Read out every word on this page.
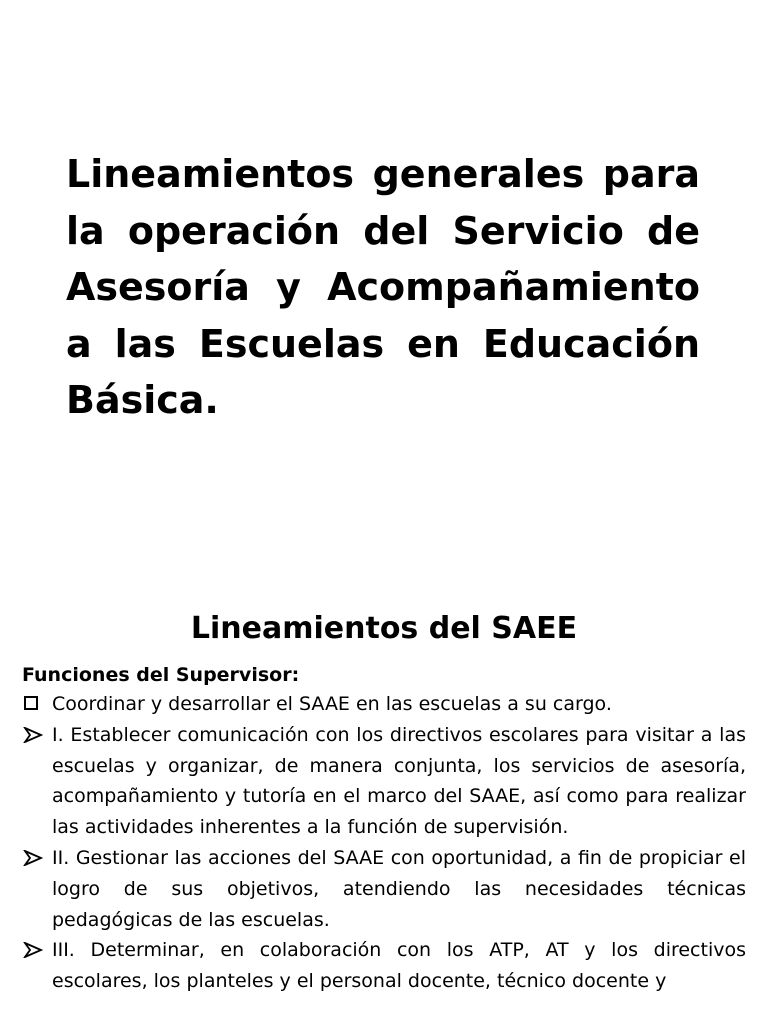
Lineamientos generales para la operación del Servicio de Asesoría y Acompañamiento a las Escuelas en Educación Básica.
Lineamientos del SAEE

Funciones del Supervisor:

Coordinar y desarrollar el SAAE en las escuelas a su cargo.
I. Establecer comunicación con los directivos escolares para visitar a las escuelas y organizar, de manera conjunta, los servicios de asesoría, acompañamiento y tutoría en el marco del SAAE, así como para realizar las actividades inherentes a la función de supervisión.
II. Gestionar las acciones del SAAE con oportunidad, a fin de propiciar el logro de sus objetivos, atendiendo las necesidades técnicas pedagógicas de las escuelas.
III. Determinar, en colaboración con los ATP, AT y los directivos escolares, los planteles y el personal docente, técnico docente y
